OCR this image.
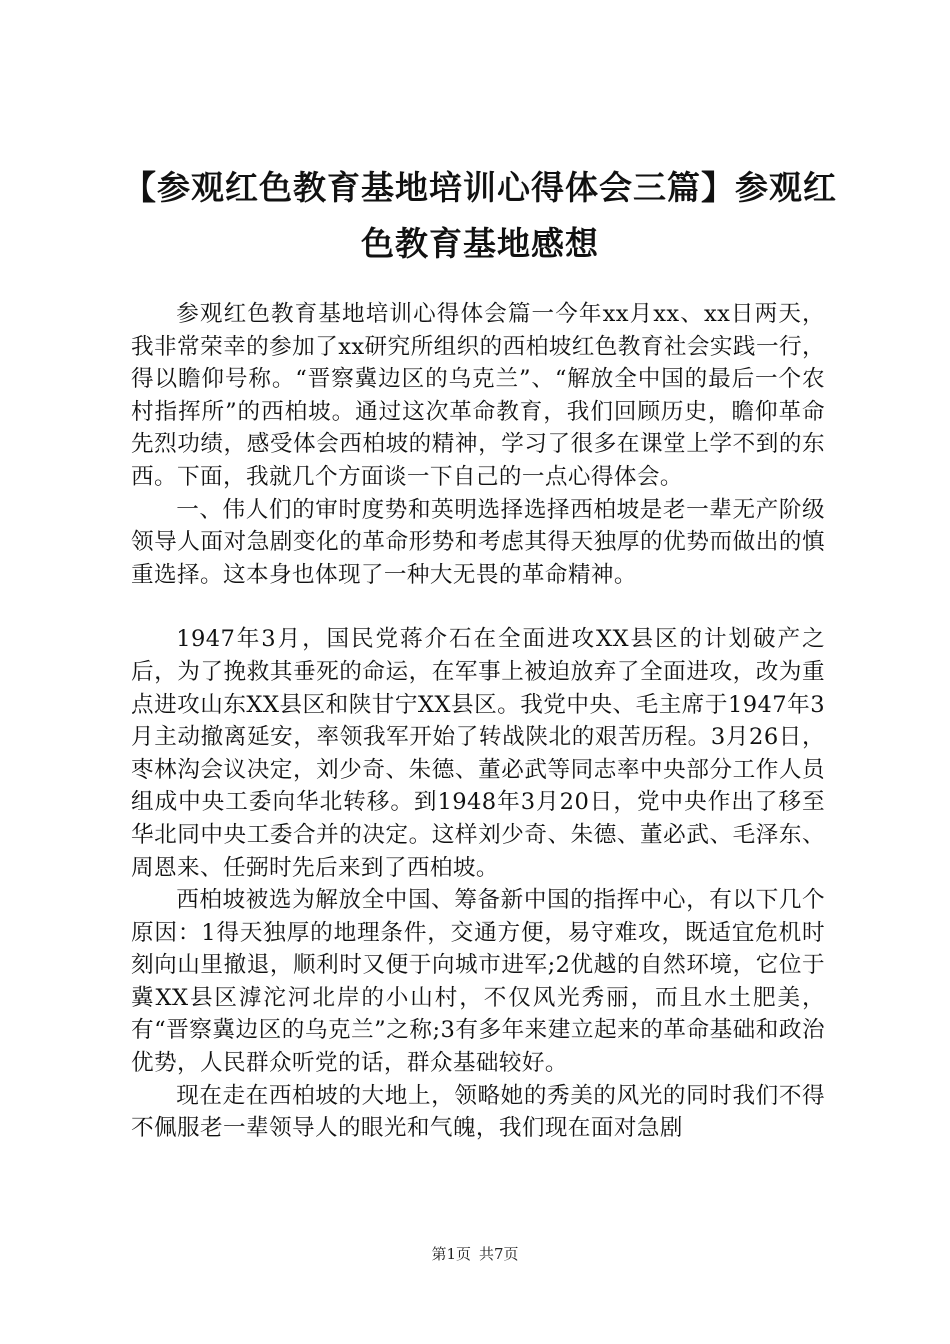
【参观红色教育基地培训心得体会三篇】参观红色教育基地感想

参观红色教育基地培训心得体会篇一今年xx月xx、xx日两天，我非常荣幸的参加了xx研究所组织的西柏坡红色教育社会实践一行，得以瞻仰号称。“晋察冀边区的乌克兰”、“解放全中国的最后一个农村指挥所”的西柏坡。通过这次革命教育，我们回顾历史，瞻仰革命先烈功绩，感受体会西柏坡的精神，学习了很多在课堂上学不到的东西。下面，我就几个方面谈一下自己的一点心得体会。

一、伟人们的审时度势和英明选择选择西柏坡是老一辈无产阶级领导人面对急剧变化的革命形势和考虑其得天独厚的优势而做出的慎重选择。这本身也体现了一种大无畏的革命精神。

1947年3月，国民党蒋介石在全面进攻XX县区的计划破产之后，为了挽救其垂死的命运，在军事上被迫放弃了全面进攻，改为重点进攻山东XX县区和陕甘宁XX县区。我党中央、毛主席于1947年3月主动撤离延安，率领我军开始了转战陕北的艰苦历程。3月26日，枣林沟会议决定，刘少奇、朱德、董必武等同志率中央部分工作人员组成中央工委向华北转移。到1948年3月20日，党中央作出了移至华北同中央工委合并的决定。这样刘少奇、朱德、董必武、毛泽东、周恩来、任弼时先后来到了西柏坡。

西柏坡被选为解放全中国、筹备新中国的指挥中心，有以下几个原因：1得天独厚的地理条件，交通方便，易守难攻，既适宜危机时刻向山里撤退，顺利时又便于向城市进军;2优越的自然环境，它位于冀XX县区滹沱河北岸的小山村，不仅风光秀丽，而且水土肥美，有“晋察冀边区的乌克兰”之称;3有多年来建立起来的革命基础和政治优势，人民群众听党的话，群众基础较好。

现在走在西柏坡的大地上，领略她的秀美的风光的同时我们不得不佩服老一辈领导人的眼光和气魄，我们现在面对急剧

第1页 共7页
